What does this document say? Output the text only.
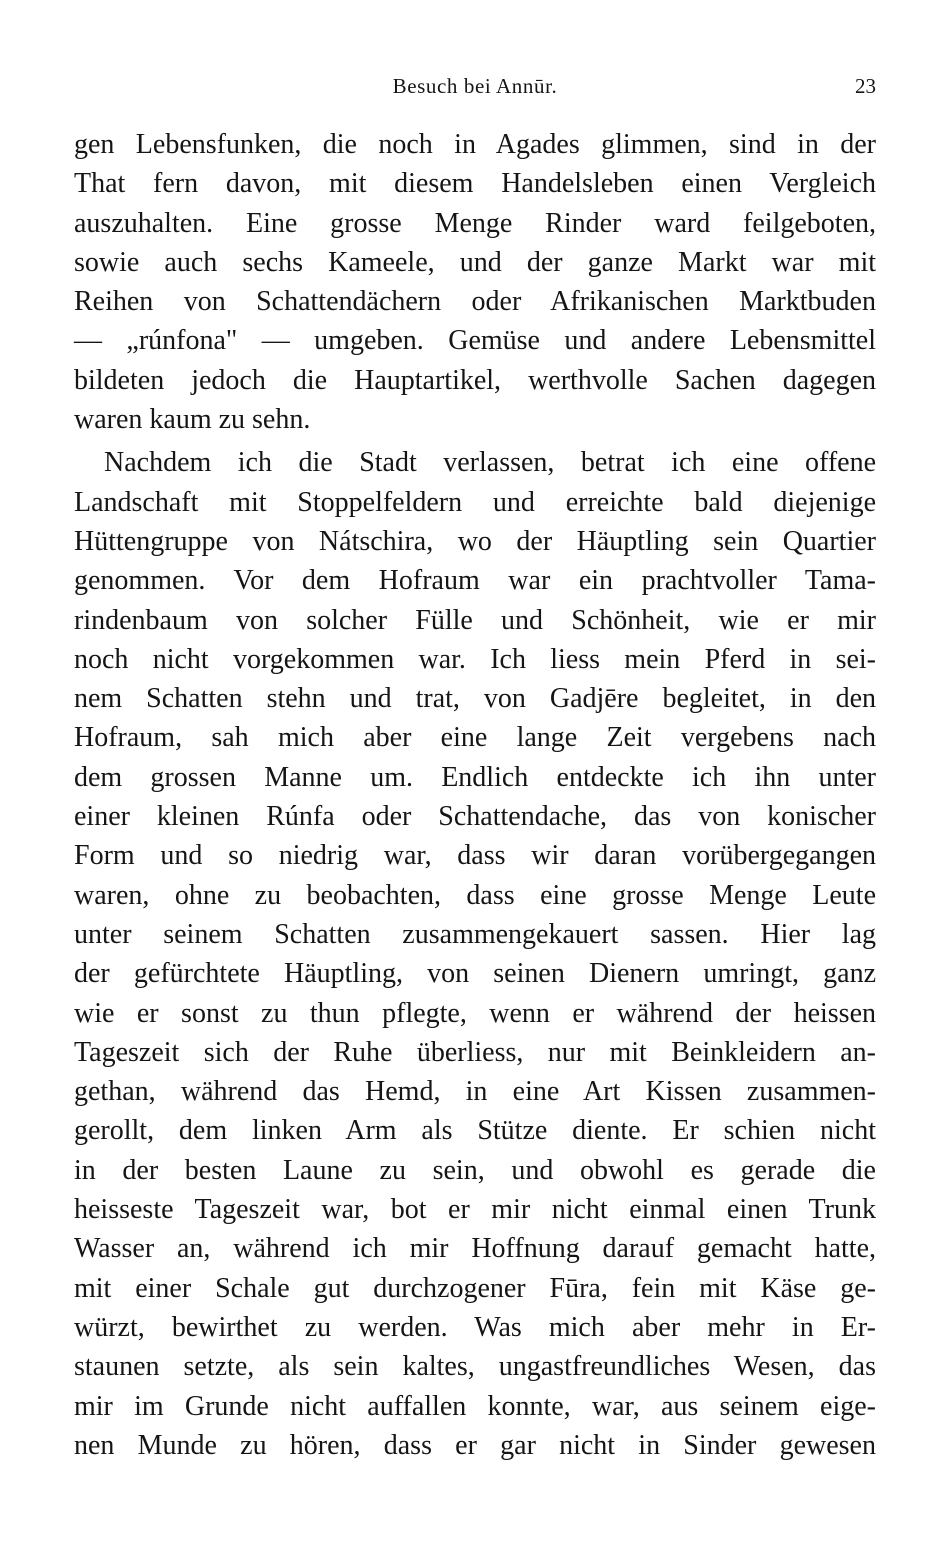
Besuch bei Annūr.	23
gen Lebensfunken, die noch in Agades glimmen, sind in der
That fern davon, mit diesem Handelsleben einen Vergleich
auszuhalten. Eine grosse Menge Rinder ward feilgeboten,
sowie auch sechs Kameele, und der ganze Markt war mit
Reihen von Schattendächern oder Afrikanischen Marktbuden
— „rúnfona" — umgeben. Gemüse und andere Lebensmittel
bildeten jedoch die Hauptartikel, werthvolle Sachen dagegen
waren kaum zu sehn.
Nachdem ich die Stadt verlassen, betrat ich eine offene
Landschaft mit Stoppelfeldern und erreichte bald diejenige
Hüttengruppe von Nátschira, wo der Häuptling sein Quartier
genommen. Vor dem Hofraum war ein prachtvoller Tama-
rindenbaum von solcher Fülle und Schönheit, wie er mir
noch nicht vorgekommen war. Ich liess mein Pferd in sei-
nem Schatten stehn und trat, von Gadjēre begleitet, in den
Hofraum, sah mich aber eine lange Zeit vergebens nach
dem grossen Manne um. Endlich entdeckte ich ihn unter
einer kleinen Rúnfa oder Schattendache, das von konischer
Form und so niedrig war, dass wir daran vorübergegangen
waren, ohne zu beobachten, dass eine grosse Menge Leute
unter seinem Schatten zusammengekauert sassen. Hier lag
der gefürchtete Häuptling, von seinen Dienern umringt, ganz
wie er sonst zu thun pflegte, wenn er während der heissen
Tageszeit sich der Ruhe überliess, nur mit Beinkleidern an-
gethan, während das Hemd, in eine Art Kissen zusammen-
gerollt, dem linken Arm als Stütze diente. Er schien nicht
in der besten Laune zu sein, und obwohl es gerade die
heisseste Tageszeit war, bot er mir nicht einmal einen Trunk
Wasser an, während ich mir Hoffnung darauf gemacht hatte,
mit einer Schale gut durchzogener Fūra, fein mit Käse ge-
würzt, bewirthet zu werden. Was mich aber mehr in Er-
staunen setzte, als sein kaltes, ungastfreundliches Wesen, das
mir im Grunde nicht auffallen konnte, war, aus seinem eige-
nen Munde zu hören, dass er gar nicht in Sinder gewesen
